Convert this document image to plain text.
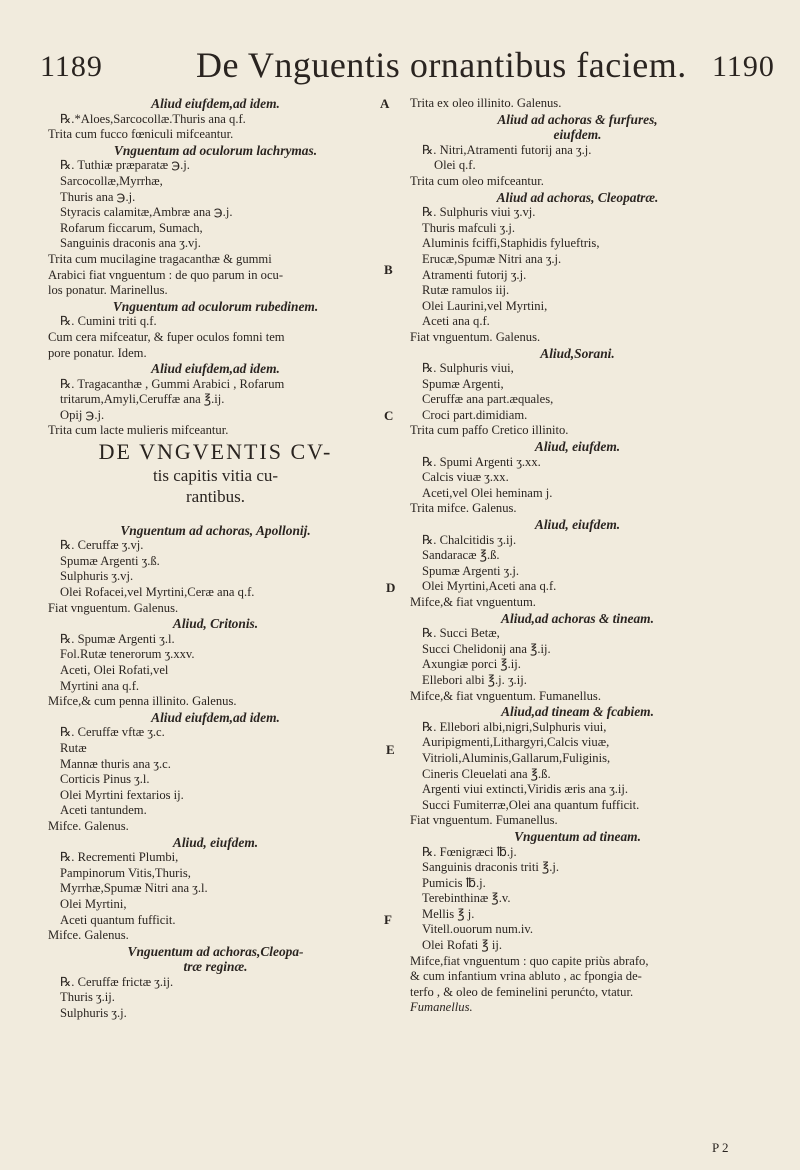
1189	De Vnguentis ornantibus faciem. 1190
Aliud eiufdem,ad idem.
℞.*Aloes,Sarcocollæ.Thuris ana q.f.
Trita cum fucco fœniculi mifceantur.
Vnguentum ad oculorum lachrymas.
℞. Tuthiæ præparatæ ℈.j.
Sarcocollæ,Myrrhæ,
Thuris ana ℈.j.
Styracis calamitæ,Ambræ ana ℈.j.
Rofarum ficcarum, Sumach,
Sanguinis draconis ana ʒ.vj.
Trita cum mucilagine tragacanthæ & gummi
Arabici fiat vnguentum : de quo parum in ocu-
los ponatur. Marinellus.
Vnguentum ad oculorum rubedinem.
℞. Cumini triti q.f.
Cum cera mifceatur, & fuper oculos fomni tem
pore ponatur. Idem.
Aliud eiufdem,ad idem.
℞. Tragacanthæ , Gummi Arabici , Rofarum
tritarum,Amyli,Ceruffæ ana ℥.ij.
Opij ℈.j.
Trita cum lacte mulieris mifceantur.
DE VNGVENTIS CV-
tis capitis vitia cu-
rantibus.
Vnguentum ad achoras, Apollonij.
℞. Ceruffæ ʒ.vj.
Spumæ Argenti ʒ.ß.
Sulphuris ʒ.vj.
Olei Rofacei,vel Myrtini,Ceræ ana q.f.
Fiat vnguentum. Galenus.
Aliud, Critonis.
℞. Spumæ Argenti ʒ.l.
Fol.Rutæ tenerorum ʒ.xxv.
Aceti, Olei Rofati,vel
Myrtini ana q.f.
Mifce,& cum penna illinito. Galenus.
Aliud eiufdem,ad idem.
℞. Ceruffæ vftæ ʒ.c.
Rutæ
Mannæ thuris ana ʒ.c.
Corticis Pinus ʒ.l.
Olei Myrtini fextarios ij.
Aceti tantundem.
Mifce. Galenus.
Aliud, eiufdem.
℞. Recrementi Plumbi,
Pampinorum Vitis,Thuris,
Myrrhæ,Spumæ Nitri ana ʒ.l.
Olei Myrtini,
Aceti quantum fufficit.
Mifce. Galenus.
Vnguentum ad achoras,Cleopa-
træ reginæ.
℞. Ceruffæ frictæ ʒ.ij.
Thuris ʒ.ij.
Sulphuris ʒ.j.
Trita ex oleo illinito. Galenus.
Aliud ad achoras & furfures,
eiufdem.
℞. Nitri,Atramenti futorij ana ʒ.j.
Olei q.f.
Trita cum oleo mifceantur.
Aliud ad achoras, Cleopatræ.
℞. Sulphuris viui ʒ.vj.
Thuris mafculi ʒ.j.
Aluminis fciffi,Staphidis fylueftris,
Erucæ,Spumæ Nitri ana ʒ.j.
Atramenti futorij ʒ.j.
Rutæ ramulos iij.
Olei Laurini,vel Myrtini,
Aceti ana q.f.
Fiat vnguentum. Galenus.
Aliud,Sorani.
℞. Sulphuris viui,
Spumæ Argenti,
Ceruffæ ana part.æquales,
Croci part.dimidiam.
Trita cum paffo Cretico illinito.
Aliud, eiufdem.
℞. Spumi Argenti ʒ.xx.
Calcis viuæ ʒ.xx.
Aceti,vel Olei heminam j.
Trita mifce. Galenus.
Aliud, eiufdem.
℞. Chalcitidis ʒ.ij.
Sandaracæ ℥.ß.
Spumæ Argenti ʒ.j.
Olei Myrtini,Aceti ana q.f.
Mifce,& fiat vnguentum.
Aliud,ad achoras & tineam.
℞. Succi Betæ,
Succi Chelidonij ana ℥.ij.
Axungiæ porci ℥.ij.
Ellebori albi ℥.j. ʒ.ij.
Mifce,& fiat vnguentum. Fumanellus.
Aliud,ad tineam & fcabiem.
℞. Ellebori albi,nigri,Sulphuris viui,
Auripigmenti,Lithargyri,Calcis viuæ,
Vitrioli,Aluminis,Gallarum,Fuliginis,
Cineris Cleuelati ana ℥.ß.
Argenti viui extincti,Viridis æris ana ʒ.ij.
Succi Fumiterræ,Olei ana quantum fufficit.
Fiat vnguentum. Fumanellus.
Vnguentum ad tineam.
℞. Fœnigræci ℔.j.
Sanguinis draconis triti ℥.j.
Pumicis ℔.j.
Terebinthinæ ℥.v.
Mellis ℥ j.
Vitell.ouorum num.iv.
Olei Rofati ℥ ij.
Mifce,fiat vnguentum : quo capite priùs abrafo,
& cum infantium vrina abluto , ac fpongia de-
terfo , & oleo de feminelini perunćto, vtatur.
Fumanellus.
A
B
C
D
E
F
P 2
